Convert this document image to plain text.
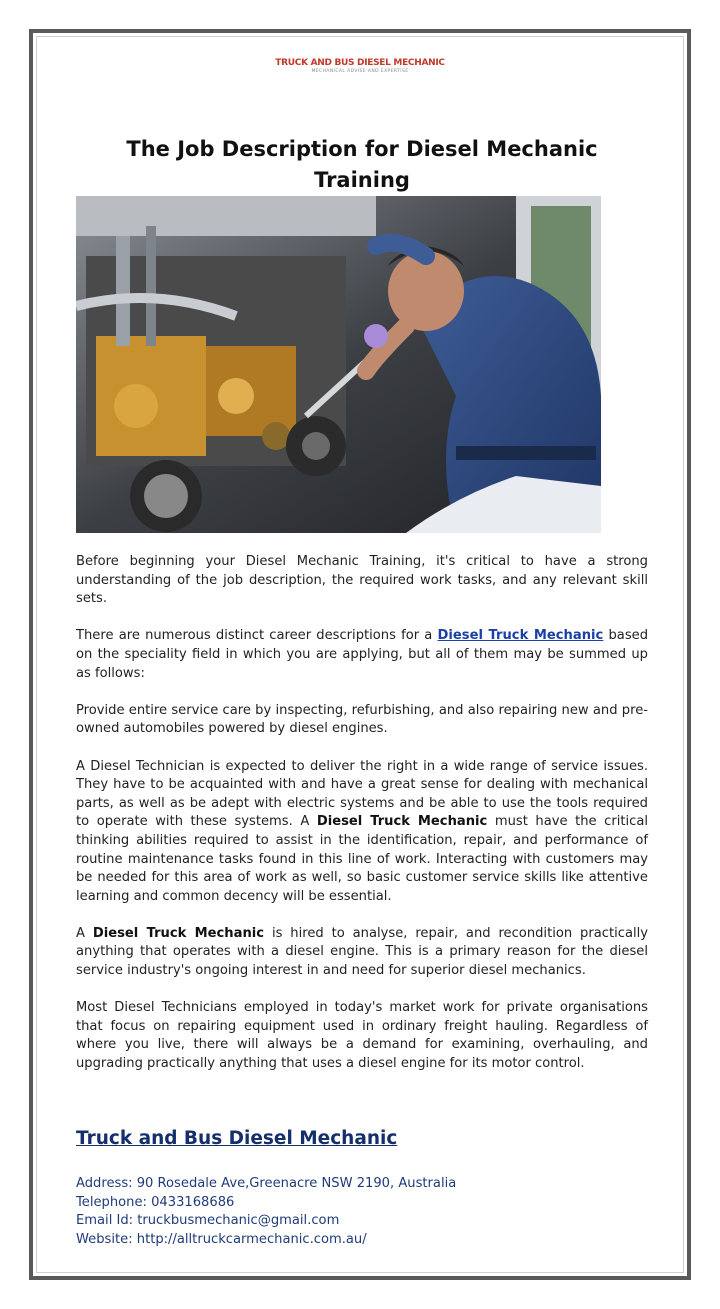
TRUCK AND BUS DIESEL MECHANIC
MECHANICAL ADVISE AND EXPERTISE
The Job Description for Diesel Mechanic Training

Before beginning your Diesel Mechanic Training, it's critical to have a strong understanding of the job description, the required work tasks, and any relevant skill sets.

There are numerous distinct career descriptions for a Diesel Truck Mechanic based on the speciality field in which you are applying, but all of them may be summed up as follows:

Provide entire service care by inspecting, refurbishing, and also repairing new and pre-owned automobiles powered by diesel engines.

A Diesel Technician is expected to deliver the right in a wide range of service issues. They have to be acquainted with and have a great sense for dealing with mechanical parts, as well as be adept with electric systems and be able to use the tools required to operate with these systems. A Diesel Truck Mechanic must have the critical thinking abilities required to assist in the identification, repair, and performance of routine maintenance tasks found in this line of work. Interacting with customers may be needed for this area of work as well, so basic customer service skills like attentive learning and common decency will be essential.

A Diesel Truck Mechanic is hired to analyse, repair, and recondition practically anything that operates with a diesel engine. This is a primary reason for the diesel service industry's ongoing interest in and need for superior diesel mechanics.

Most Diesel Technicians employed in today's market work for private organisations that focus on repairing equipment used in ordinary freight hauling. Regardless of where you live, there will always be a demand for examining, overhauling, and upgrading practically anything that uses a diesel engine for its motor control.

Truck and Bus Diesel Mechanic
Address: 90 Rosedale Ave,Greenacre NSW 2190, Australia
Telephone: 0433168686
Email Id: truckbusmechanic@gmail.com
Website: http://alltruckcarmechanic.com.au/
